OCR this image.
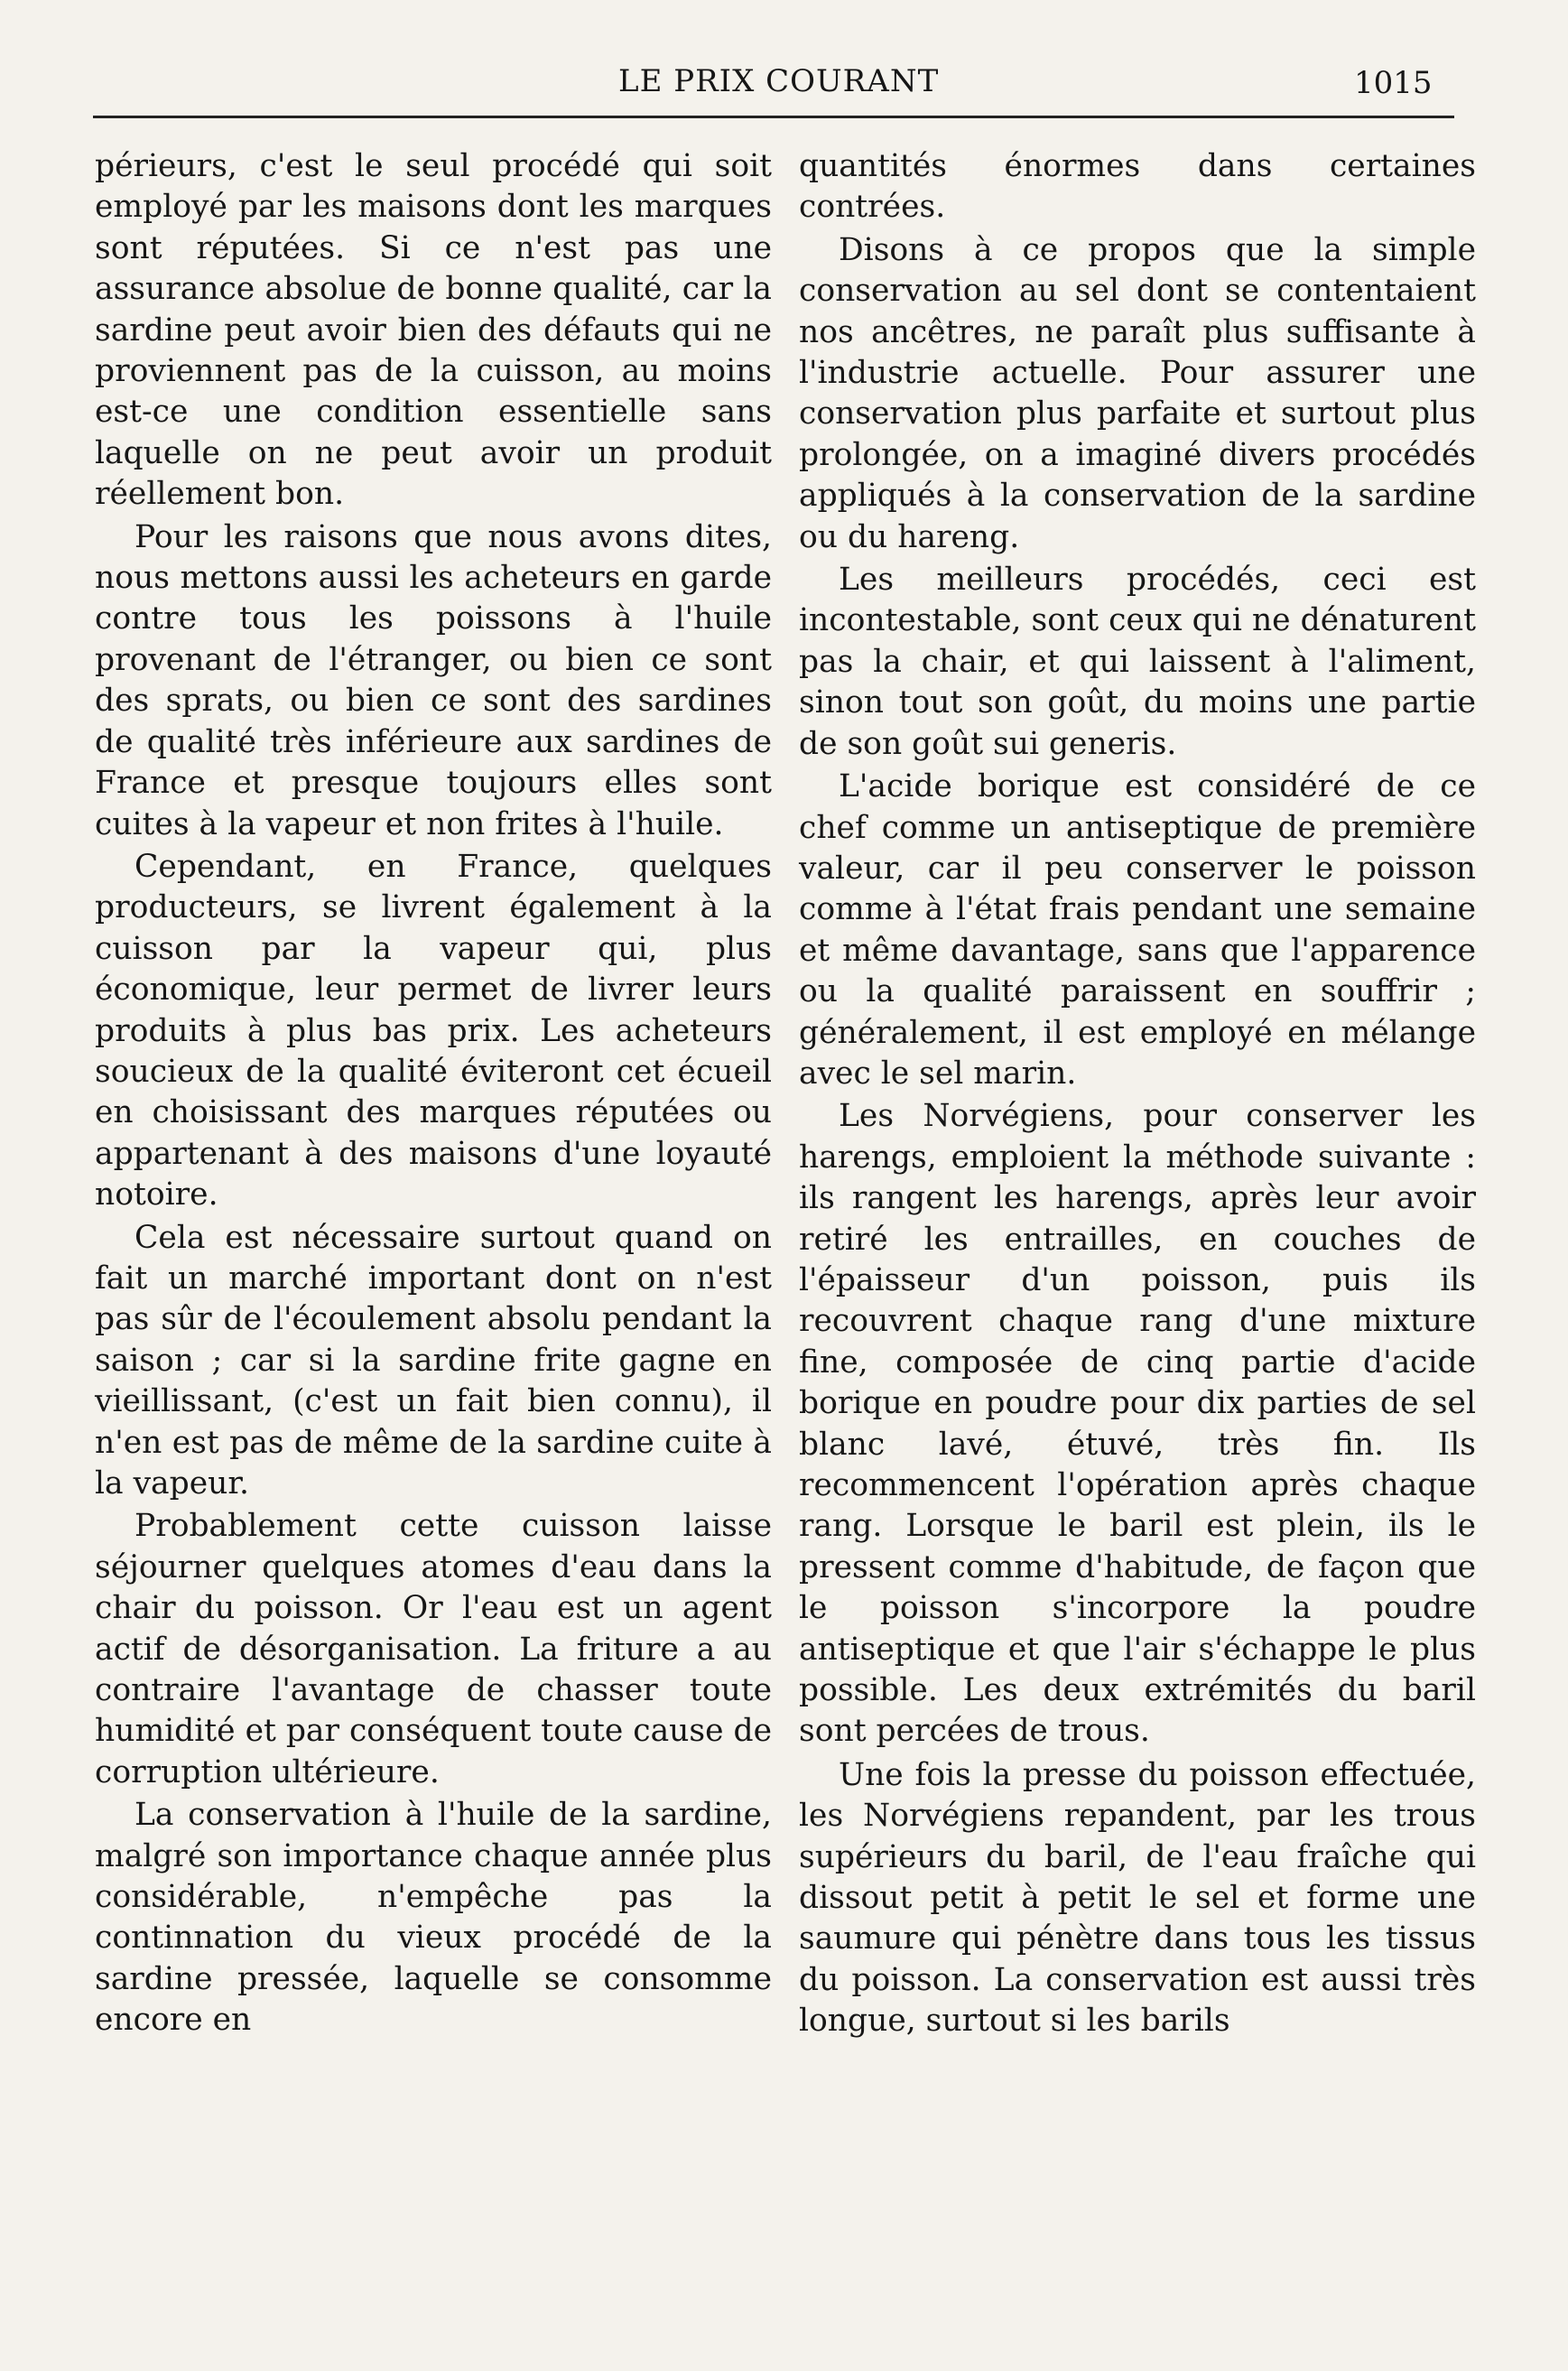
LE PRIX COURANT	1015

périeurs, c'est le seul procédé qui soit employé par les maisons dont les marques sont réputées. Si ce n'est pas une assurance absolue de bonne qualité, car la sardine peut avoir bien des défauts qui ne proviennent pas de la cuisson, au moins est-ce une condition essentielle sans laquelle on ne peut avoir un produit réellement bon.

Pour les raisons que nous avons dites, nous mettons aussi les acheteurs en garde contre tous les poissons à l'huile provenant de l'étranger, ou bien ce sont des sprats, ou bien ce sont des sardines de qualité très inférieure aux sardines de France et presque toujours elles sont cuites à la vapeur et non frites à l'huile.

Cependant, en France, quelques producteurs, se livrent également à la cuisson par la vapeur qui, plus économique, leur permet de livrer leurs produits à plus bas prix. Les acheteurs soucieux de la qualité éviteront cet écueil en choisissant des marques réputées ou appartenant à des maisons d'une loyauté notoire.

Cela est nécessaire surtout quand on fait un marché important dont on n'est pas sûr de l'écoulement absolu pendant la saison ; car si la sardine frite gagne en vieillissant, (c'est un fait bien connu), il n'en est pas de même de la sardine cuite à la vapeur.

Probablement cette cuisson laisse séjourner quelques atomes d'eau dans la chair du poisson. Or l'eau est un agent actif de désorganisation. La friture a au contraire l'avantage de chasser toute humidité et par conséquent toute cause de corruption ultérieure.

La conservation à l'huile de la sardine, malgré son importance chaque année plus considérable, n'empêche pas la continnation du vieux procédé de la sardine pressée, laquelle se consomme encore en

quantités énormes dans certaines contrées.

Disons à ce propos que la simple conservation au sel dont se contentaient nos ancêtres, ne paraît plus suffisante à l'industrie actuelle. Pour assurer une conservation plus parfaite et surtout plus prolongée, on a imaginé divers procédés appliqués à la conservation de la sardine ou du hareng.

Les meilleurs procédés, ceci est incontestable, sont ceux qui ne dénaturent pas la chair, et qui laissent à l'aliment, sinon tout son goût, du moins une partie de son goût sui generis.

L'acide borique est considéré de ce chef comme un antiseptique de première valeur, car il peu conserver le poisson comme à l'état frais pendant une semaine et même davantage, sans que l'apparence ou la qualité paraissent en souffrir ; généralement, il est employé en mélange avec le sel marin.

Les Norvégiens, pour conserver les harengs, emploient la méthode suivante : ils rangent les harengs, après leur avoir retiré les entrailles, en couches de l'épaisseur d'un poisson, puis ils recouvrent chaque rang d'une mixture fine, composée de cinq partie d'acide borique en poudre pour dix parties de sel blanc lavé, étuvé, très fin. Ils recommencent l'opération après chaque rang. Lorsque le baril est plein, ils le pressent comme d'habitude, de façon que le poisson s'incorpore la poudre antiseptique et que l'air s'échappe le plus possible. Les deux extrémités du baril sont percées de trous.

Une fois la presse du poisson effectuée, les Norvégiens repandent, par les trous supérieurs du baril, de l'eau fraîche qui dissout petit à petit le sel et forme une saumure qui pénètre dans tous les tissus du poisson. La conservation est aussi très longue, surtout si les barils
